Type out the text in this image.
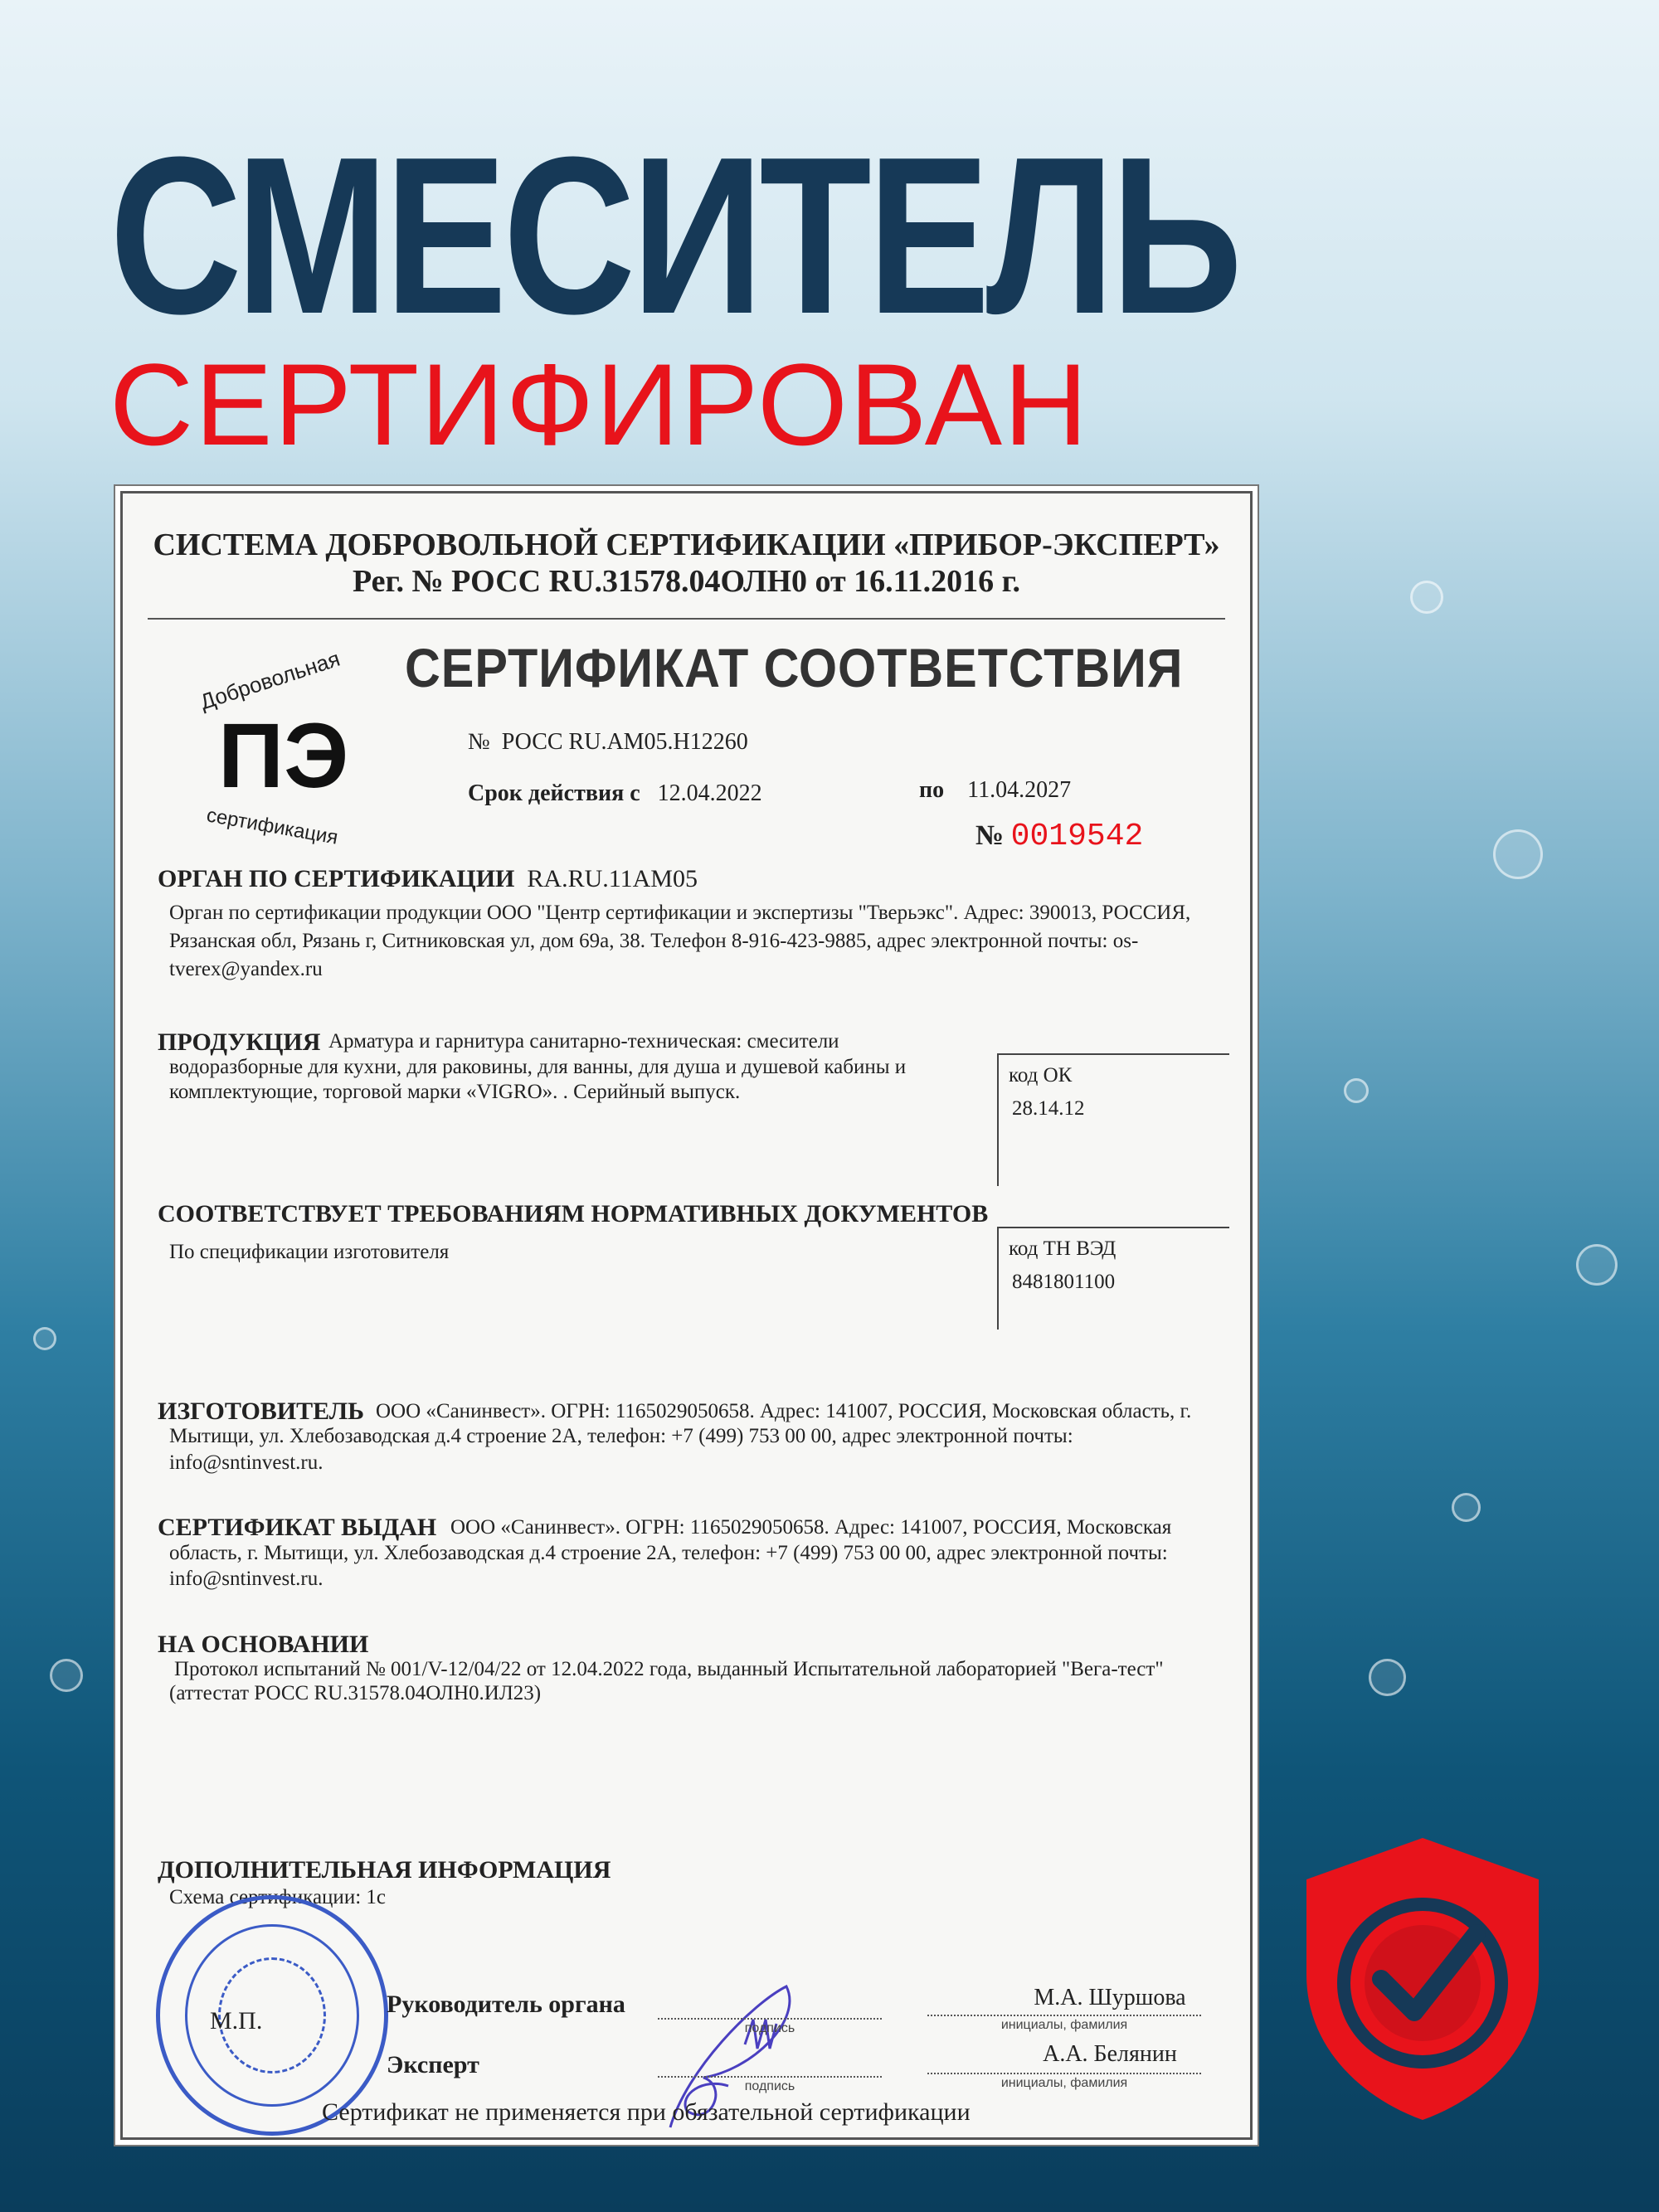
СМЕСИТЕЛЬ
СЕРТИФИРОВАН
СИСТЕМА ДОБРОВОЛЬНОЙ СЕРТИФИКАЦИИ «ПРИБОР-ЭКСПЕРТ»
Рег. № РОСС RU.31578.04ОЛН0 от 16.11.2016 г.
СЕРТИФИКАТ СООТВЕТСТВИЯ
Добровольная
ПЭ
сертификация
№ РОСС RU.АМ05.Н12260
Срок действия с 12.04.2022	по 11.04.2027
№ 0019542
ОРГАН ПО СЕРТИФИКАЦИИ RA.RU.11АМ05
Орган по сертификации продукции ООО "Центр сертификации и экспертизы "Тверьэкс". Адрес: 390013, РОССИЯ,
Рязанская обл, Рязань г, Ситниковская ул, дом 69а, 38. Телефон 8-916-423-9885, адрес электронной почты: os-
tverex@yandex.ru
ПРОДУКЦИЯ Арматура и гарнитура санитарно-техническая: смесители
водоразборные для кухни, для раковины, для ванны, для душа и душевой кабины и
комплектующие, торговой марки «VIGRO». . Серийный выпуск.
код ОК
28.14.12
СООТВЕТСТВУЕТ ТРЕБОВАНИЯМ НОРМАТИВНЫХ ДОКУМЕНТОВ
По спецификации изготовителя	код ТН ВЭД
8481801100
ИЗГОТОВИТЕЛЬ ООО «Санинвест». ОГРН: 1165029050658. Адрес: 141007, РОССИЯ, Московская область, г.
Мытищи, ул. Хлебозаводская д.4 строение 2А, телефон: +7 (499) 753 00 00, адрес электронной почты:
info@sntinvest.ru.
СЕРТИФИКАТ ВЫДАН ООО «Санинвест». ОГРН: 1165029050658. Адрес: 141007, РОССИЯ, Московская
область, г. Мытищи, ул. Хлебозаводская д.4 строение 2А, телефон: +7 (499) 753 00 00, адрес электронной почты:
info@sntinvest.ru.
НА ОСНОВАНИИ
Протокол испытаний № 001/V-12/04/22 от 12.04.2022 года, выданный Испытательной лабораторией "Вега-тест"
(аттестат РОСС RU.31578.04ОЛН0.ИЛ23)
ДОПОЛНИТЕЛЬНАЯ ИНФОРМАЦИЯ
Схема сертификации: 1с
М.П.
Руководитель органа
подпись
М.А. Шуршова
инициалы, фамилия
Эксперт
подпись
А.А. Белянин
инициалы, фамилия
Сертификат не применяется при обязательной сертификации
